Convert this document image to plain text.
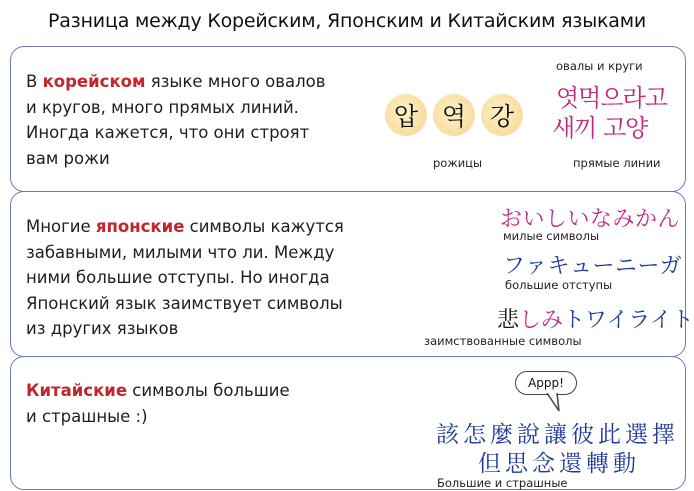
Разница между Корейским, Японским и Китайским языками
В корейском языке много овалов
и кругов, много прямых линий.
Иногда кажется, что они строят
вам рожи
압 역 강
рожицы
овалы и круги
엿먹으라고
새끼 고양
прямые линии
Многие японские символы кажутся
забавными, милыми что ли. Между
ними большие отступы. Но иногда
Японский язык заимствует символы
из других языков
おいしいなみかん
милые символы
ファキューニーガ
большие отступы
悲しみトワイライト
заимствованные символы
Китайские символы большие
и страшные :)
Appp!
該怎麼說讓彼此選擇
但思念還轉動
Большие и страшные
